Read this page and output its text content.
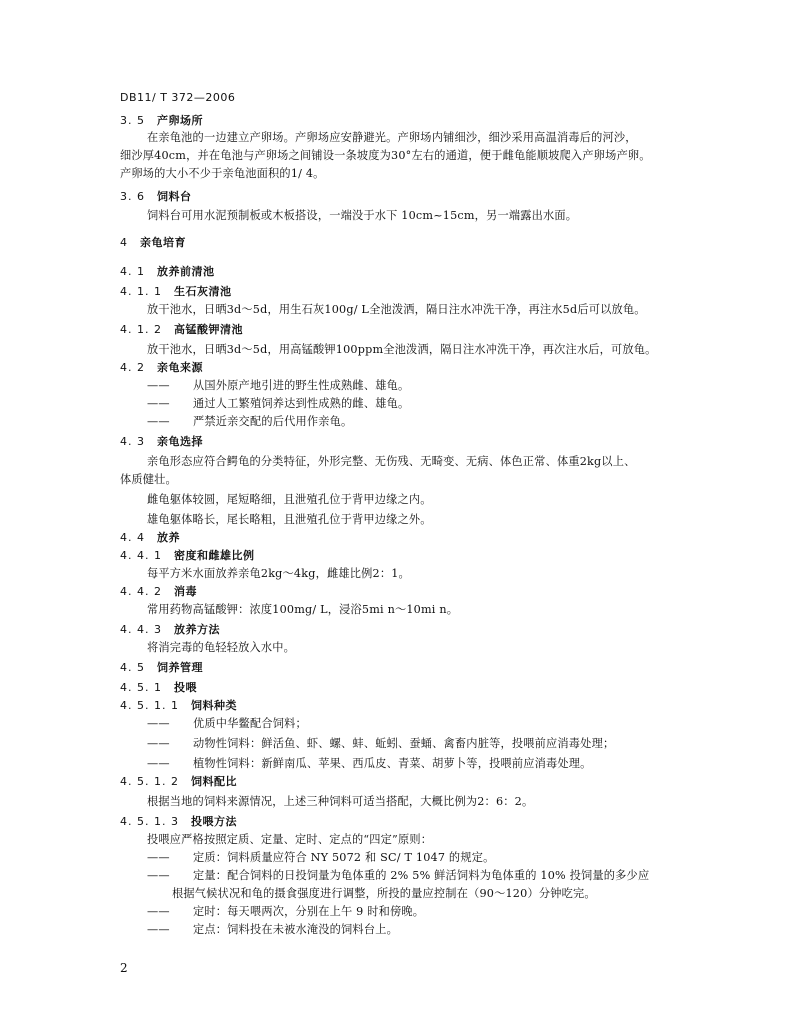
DB11/ T 372—2006
3. 5 产卵场所
在亲龟池的一边建立产卵场。产卵场应安静避光。产卵场内铺细沙，细沙采用高温消毒后的河沙，
细沙厚40cm，并在龟池与产卵场之间铺设一条坡度为30°左右的通道，便于雌龟能顺坡爬入产卵场产卵。
产卵场的大小不少于亲龟池面积的1/ 4。
3. 6 饲料台
饲料台可用水泥预制板或木板搭设，一端没于水下 10cm~15cm，另一端露出水面。
4 亲龟培育
4. 1 放养前清池
4. 1. 1 生石灰清池
放干池水，日晒3d～5d，用生石灰100g/ L全池泼洒，隔日注水冲洗干净，再注水5d后可以放龟。
4. 1. 2 高锰酸钾清池
放干池水，日晒3d～5d，用高锰酸钾100ppm全池泼洒，隔日注水冲洗干净，再次注水后，可放龟。
4. 2 亲龟来源
—— 从国外原产地引进的野生性成熟雌、雄龟。
—— 通过人工繁殖饲养达到性成熟的雌、雄龟。
—— 严禁近亲交配的后代用作亲龟。
4. 3 亲龟选择
亲龟形态应符合鳄龟的分类特征，外形完整、无伤残、无畸变、无病、体色正常、体重2kg以上、
体质健壮。
雌龟躯体较圆，尾短略细，且泄殖孔位于背甲边缘之内。
雄龟躯体略长，尾长略粗，且泄殖孔位于背甲边缘之外。
4. 4 放养
4. 4. 1 密度和雌雄比例
每平方米水面放养亲龟2kg～4kg，雌雄比例2：1。
4. 4. 2 消毒
常用药物高锰酸钾：浓度100mg/ L，浸浴5mi n～10mi n。
4. 4. 3 放养方法
将消完毒的龟轻轻放入水中。
4. 5 饲养管理
4. 5. 1 投喂
4. 5. 1. 1 饲料种类
—— 优质中华鳖配合饲料；
—— 动物性饲料：鲜活鱼、虾、螺、蚌、蚯蚓、蚕蛹、禽畜内脏等，投喂前应消毒处理；
—— 植物性饲料：新鲜南瓜、苹果、西瓜皮、青菜、胡萝卜等，投喂前应消毒处理。
4. 5. 1. 2 饲料配比
根据当地的饲料来源情况，上述三种饲料可适当搭配，大概比例为2：6：2。
4. 5. 1. 3 投喂方法
投喂应严格按照定质、定量、定时、定点的“四定”原则：
—— 定质：饲料质量应符合 NY 5072 和 SC/ T 1047 的规定。
—— 定量：配合饲料的日投饲量为龟体重的 2% 5% 鲜活饲料为龟体重的 10% 投饲量的多少应
根据气候状况和龟的摄食强度进行调整，所投的量应控制在（90～120）分钟吃完。
—— 定时：每天喂两次，分别在上午 9 时和傍晚。
—— 定点：饲料投在未被水淹没的饲料台上。
2
